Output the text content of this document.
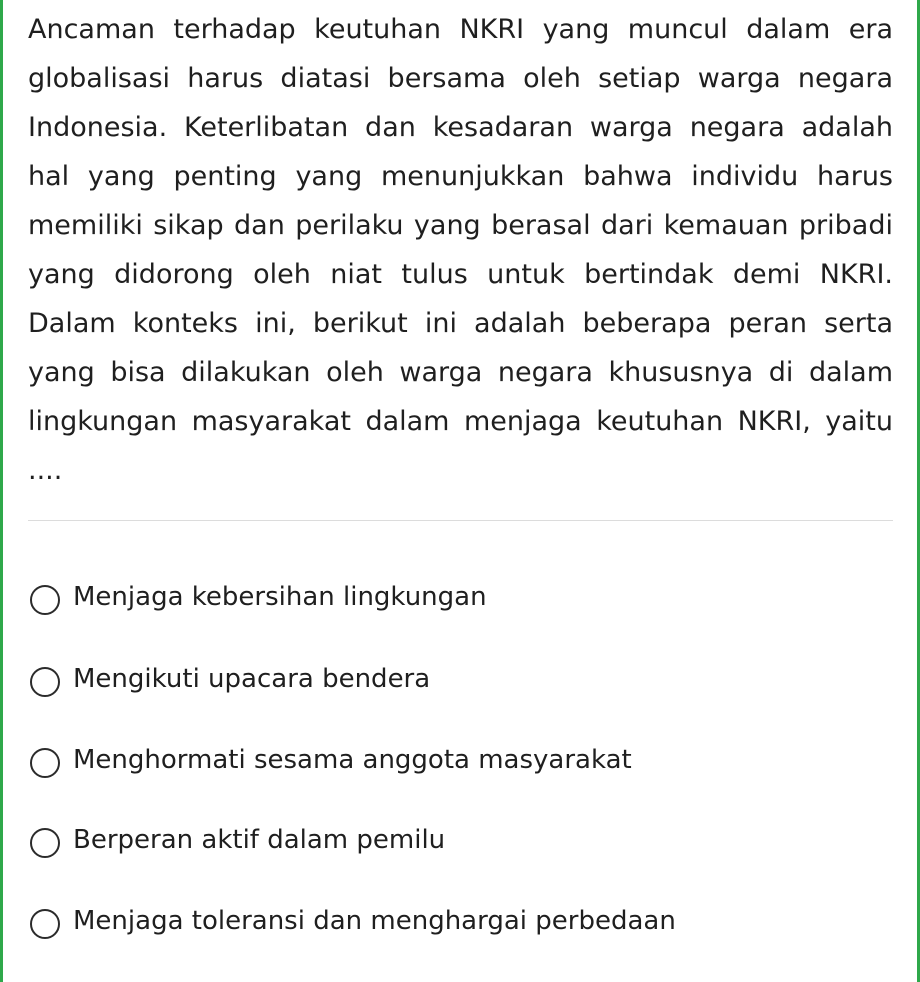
Ancaman terhadap keutuhan NKRI yang muncul dalam era globalisasi harus diatasi bersama oleh setiap warga negara Indonesia. Keterlibatan dan kesadaran warga negara adalah hal yang penting yang menunjukkan bahwa individu harus memiliki sikap dan perilaku yang berasal dari kemauan pribadi yang didorong oleh niat tulus untuk bertindak demi NKRI. Dalam konteks ini, berikut ini adalah beberapa peran serta yang bisa dilakukan oleh warga negara khususnya di dalam lingkungan masyarakat dalam menjaga keutuhan NKRI, yaitu ....

Menjaga kebersihan lingkungan
Mengikuti upacara bendera
Menghormati sesama anggota masyarakat
Berperan aktif dalam pemilu
Menjaga toleransi dan menghargai perbedaan
